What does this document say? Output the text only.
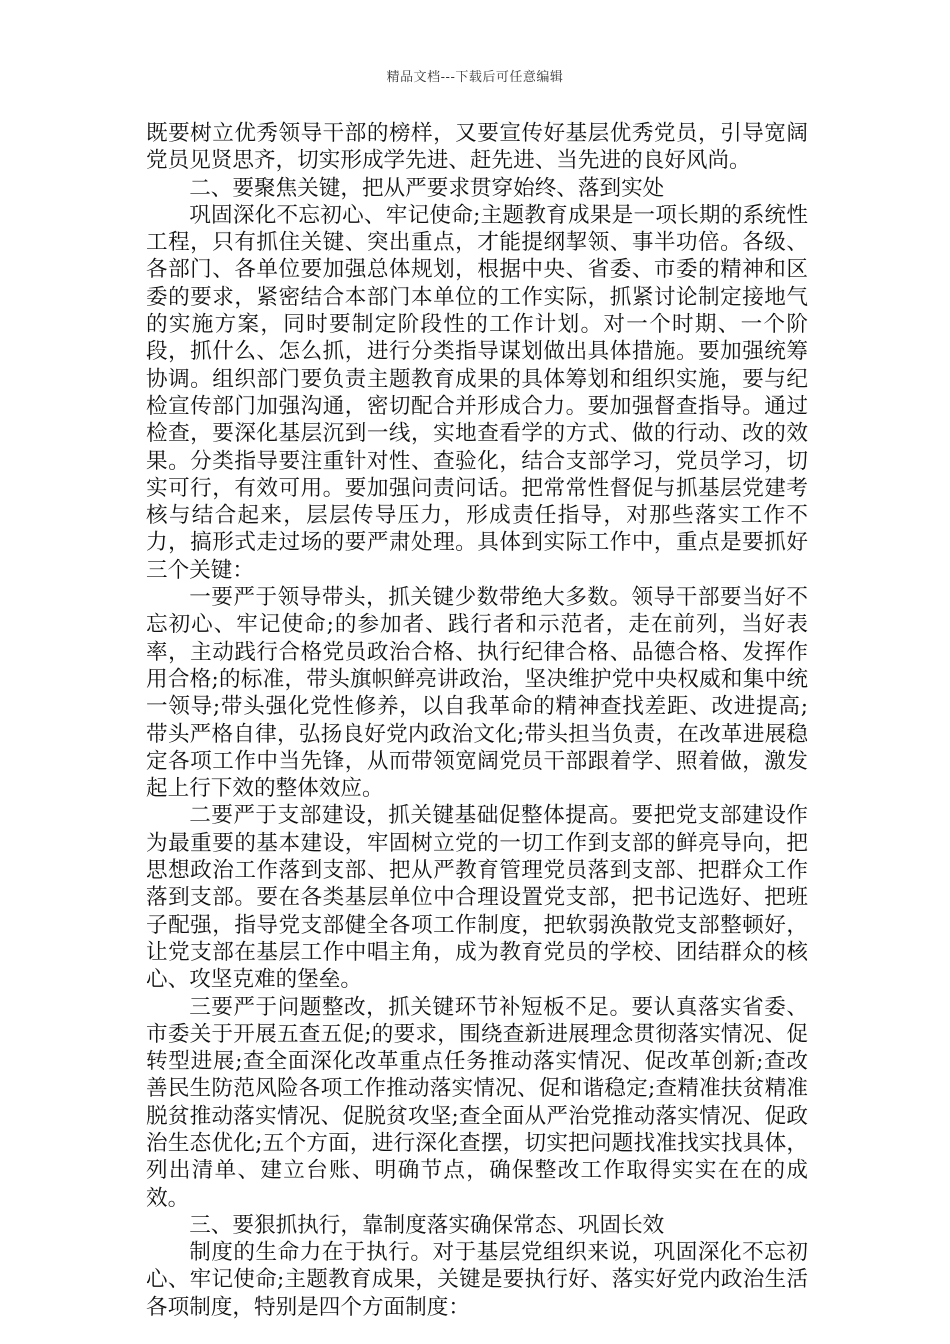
精品文档---下载后可任意编辑

既要树立优秀领导干部的榜样，又要宣传好基层优秀党员，引导宽阔党员见贤思齐，切实形成学先进、赶先进、当先进的良好风尚。

二、要聚焦关键，把从严要求贯穿始终、落到实处

巩固深化不忘初心、牢记使命;主题教育成果是一项长期的系统性工程，只有抓住关键、突出重点，才能提纲挈领、事半功倍。各级、各部门、各单位要加强总体规划，根据中央、省委、市委的精神和区委的要求，紧密结合本部门本单位的工作实际，抓紧讨论制定接地气的实施方案，同时要制定阶段性的工作计划。对一个时期、一个阶段，抓什么、怎么抓，进行分类指导谋划做出具体措施。要加强统筹协调。组织部门要负责主题教育成果的具体筹划和组织实施，要与纪检宣传部门加强沟通，密切配合并形成合力。要加强督查指导。通过检查，要深化基层沉到一线，实地查看学的方式、做的行动、改的效果。分类指导要注重针对性、查验化，结合支部学习，党员学习，切实可行，有效可用。要加强问责问话。把常常性督促与抓基层党建考核与结合起来，层层传导压力，形成责任指导，对那些落实工作不力，搞形式走过场的要严肃处理。具体到实际工作中，重点是要抓好三个关键：

一要严于领导带头，抓关键少数带绝大多数。领导干部要当好不忘初心、牢记使命;的参加者、践行者和示范者，走在前列，当好表率，主动践行合格党员政治合格、执行纪律合格、品德合格、发挥作用合格;的标准，带头旗帜鲜亮讲政治，坚决维护党中央权威和集中统一领导;带头强化党性修养，以自我革命的精神查找差距、改进提高;带头严格自律，弘扬良好党内政治文化;带头担当负责，在改革进展稳定各项工作中当先锋，从而带领宽阔党员干部跟着学、照着做，激发起上行下效的整体效应。

二要严于支部建设，抓关键基础促整体提高。要把党支部建设作为最重要的基本建设，牢固树立党的一切工作到支部的鲜亮导向，把思想政治工作落到支部、把从严教育管理党员落到支部、把群众工作落到支部。要在各类基层单位中合理设置党支部，把书记选好、把班子配强，指导党支部健全各项工作制度，把软弱涣散党支部整顿好，让党支部在基层工作中唱主角，成为教育党员的学校、团结群众的核心、攻坚克难的堡垒。

三要严于问题整改，抓关键环节补短板不足。要认真落实省委、市委关于开展五查五促;的要求，围绕查新进展理念贯彻落实情况、促转型进展;查全面深化改革重点任务推动落实情况、促改革创新;查改善民生防范风险各项工作推动落实情况、促和谐稳定;查精准扶贫精准脱贫推动落实情况、促脱贫攻坚;查全面从严治党推动落实情况、促政治生态优化;五个方面，进行深化查摆，切实把问题找准找实找具体，列出清单、建立台账、明确节点，确保整改工作取得实实在在的成效。

三、要狠抓执行，靠制度落实确保常态、巩固长效

制度的生命力在于执行。对于基层党组织来说，巩固深化不忘初心、牢记使命;主题教育成果，关键是要执行好、落实好党内政治生活各项制度，特别是四个方面制度：
